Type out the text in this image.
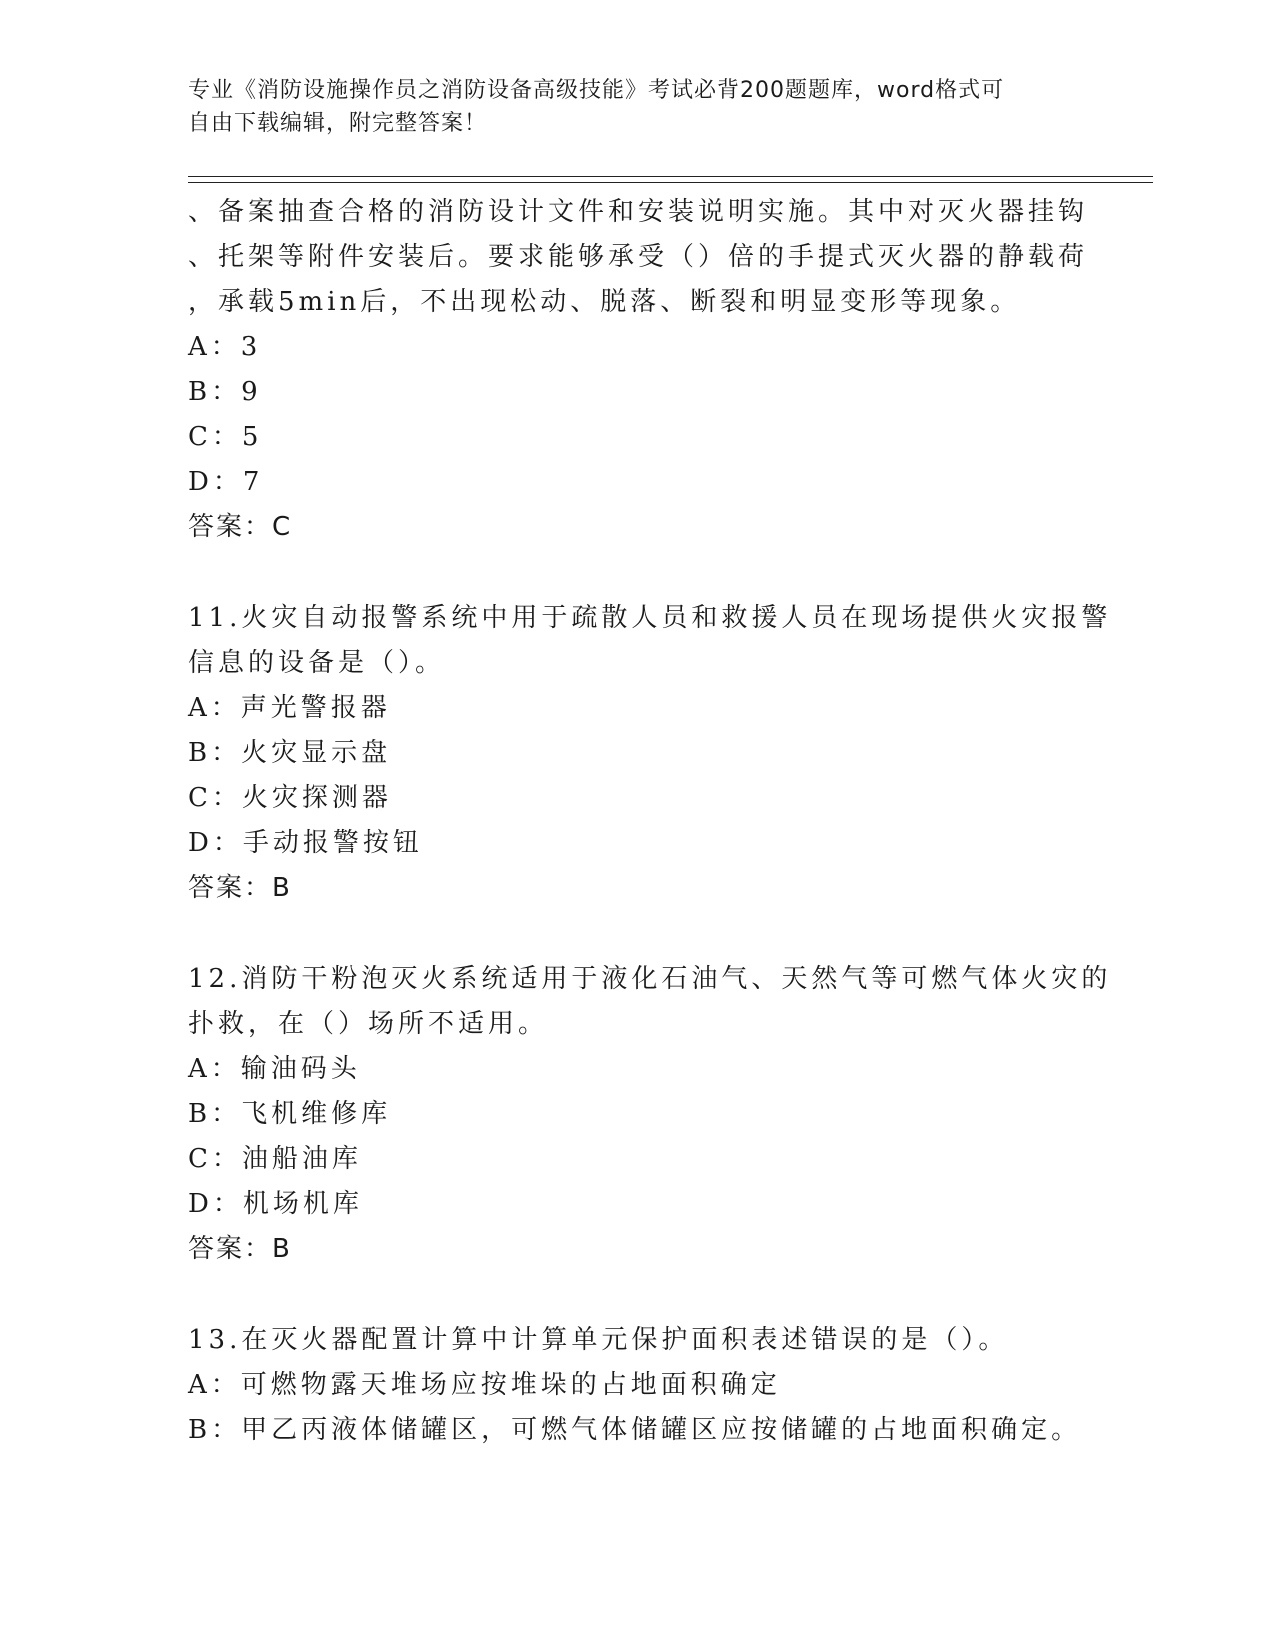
专业《消防设施操作员之消防设备高级技能》考试必背200题题库，word格式可
自由下载编辑，附完整答案！

、备案抽查合格的消防设计文件和安装说明实施。其中对灭火器挂钩

、托架等附件安装后。要求能够承受（）倍的手提式灭火器的静载荷

，承载5min后，不出现松动、脱落、断裂和明显变形等现象。

A：3

B：9

C：5

D：7

答案：C

11.火灾自动报警系统中用于疏散人员和救援人员在现场提供火灾报警

信息的设备是（）。

A：声光警报器

B：火灾显示盘

C：火灾探测器

D：手动报警按钮

答案：B

12.消防干粉泡灭火系统适用于液化石油气、天然气等可燃气体火灾的

扑救，在（）场所不适用。

A：输油码头

B：飞机维修库

C：油船油库

D：机场机库

答案：B

13.在灭火器配置计算中计算单元保护面积表述错误的是（）。

A：可燃物露天堆场应按堆垛的占地面积确定

B：甲乙丙液体储罐区，可燃气体储罐区应按储罐的占地面积确定。
